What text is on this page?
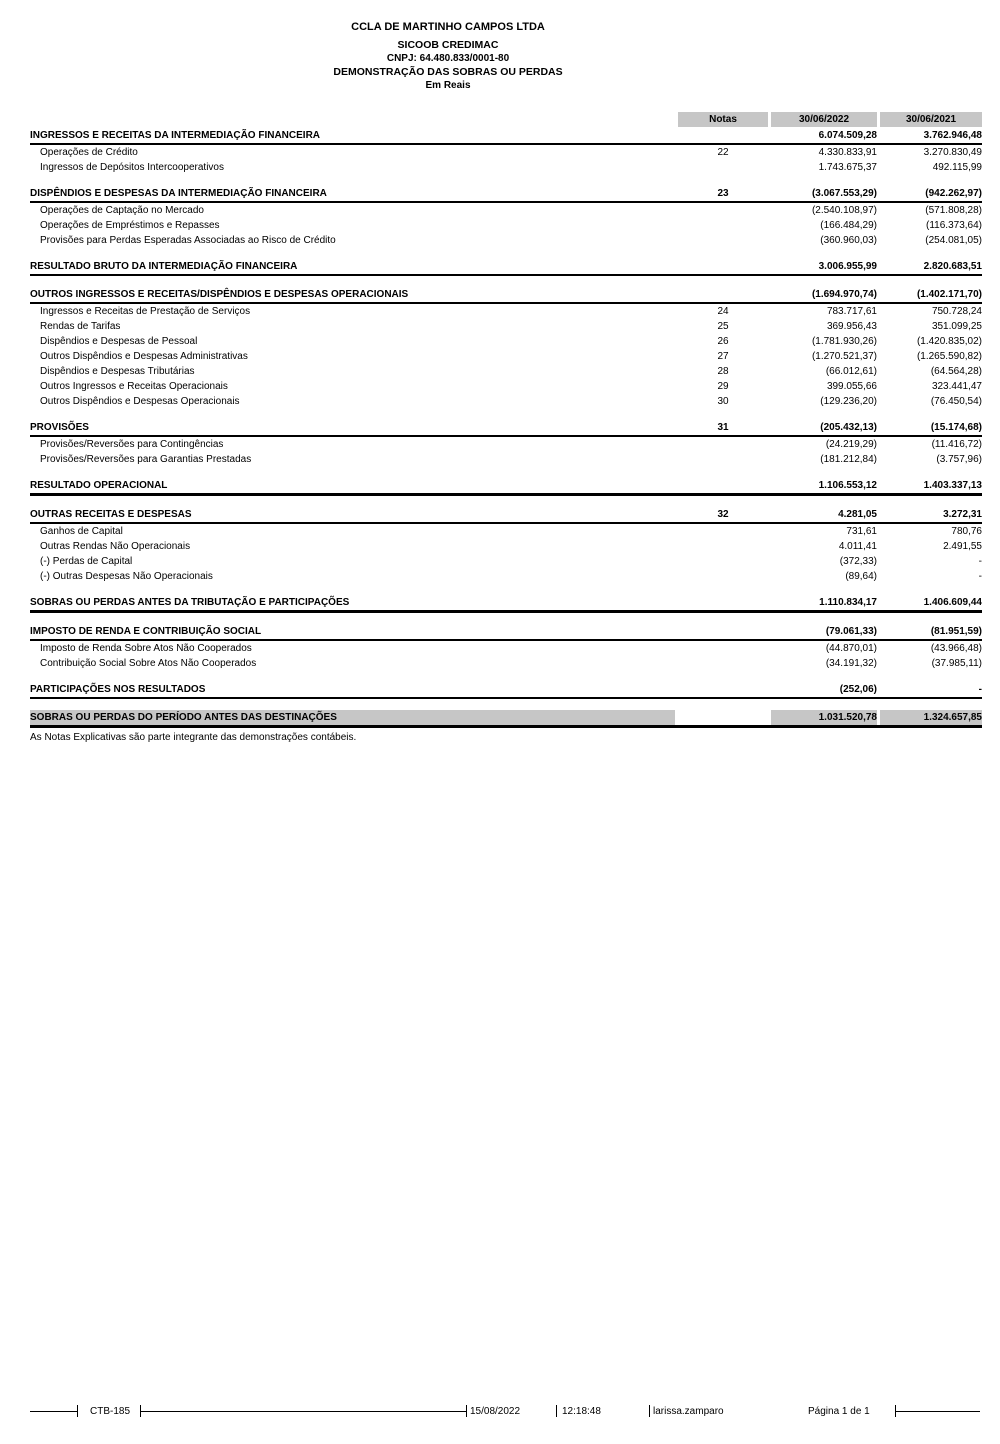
CCLA DE MARTINHO CAMPOS LTDA
SICOOB CREDIMAC
CNPJ: 64.480.833/0001-80
DEMONSTRAÇÃO DAS SOBRAS OU PERDAS
Em Reais
Notas	30/06/2022	30/06/2021
INGRESSOS E RECEITAS DA INTERMEDIAÇÃO FINANCEIRA	6.074.509,28	3.762.946,48
Operações de Crédito	22	4.330.833,91	3.270.830,49
Ingressos de Depósitos Intercooperativos	1.743.675,37	492.115,99
DISPÊNDIOS E DESPESAS DA INTERMEDIAÇÃO FINANCEIRA	23	(3.067.553,29)	(942.262,97)
Operações de Captação no Mercado	(2.540.108,97)	(571.808,28)
Operações de Empréstimos e Repasses	(166.484,29)	(116.373,64)
Provisões para Perdas Esperadas Associadas ao Risco de Crédito	(360.960,03)	(254.081,05)
RESULTADO BRUTO DA INTERMEDIAÇÃO FINANCEIRA	3.006.955,99	2.820.683,51
OUTROS INGRESSOS E RECEITAS/DISPÊNDIOS E DESPESAS OPERACIONAIS	(1.694.970,74)	(1.402.171,70)
Ingressos e Receitas de Prestação de Serviços	24	783.717,61	750.728,24
Rendas de Tarifas	25	369.956,43	351.099,25
Dispêndios e Despesas de Pessoal	26	(1.781.930,26)	(1.420.835,02)
Outros Dispêndios e Despesas Administrativas	27	(1.270.521,37)	(1.265.590,82)
Dispêndios e Despesas Tributárias	28	(66.012,61)	(64.564,28)
Outros Ingressos e Receitas Operacionais	29	399.055,66	323.441,47
Outros Dispêndios e Despesas Operacionais	30	(129.236,20)	(76.450,54)
PROVISÕES	31	(205.432,13)	(15.174,68)
Provisões/Reversões para Contingências	(24.219,29)	(11.416,72)
Provisões/Reversões para Garantias Prestadas	(181.212,84)	(3.757,96)
RESULTADO OPERACIONAL	1.106.553,12	1.403.337,13
OUTRAS RECEITAS E DESPESAS	32	4.281,05	3.272,31
Ganhos de Capital	731,61	780,76
Outras Rendas Não Operacionais	4.011,41	2.491,55
(-) Perdas de Capital	(372,33)	-
(-) Outras Despesas Não Operacionais	(89,64)	-
SOBRAS OU PERDAS ANTES DA TRIBUTAÇÃO E PARTICIPAÇÕES	1.110.834,17	1.406.609,44
IMPOSTO DE RENDA E CONTRIBUIÇÃO SOCIAL	(79.061,33)	(81.951,59)
Imposto de Renda Sobre Atos Não Cooperados	(44.870,01)	(43.966,48)
Contribuição Social Sobre Atos Não Cooperados	(34.191,32)	(37.985,11)
PARTICIPAÇÕES NOS RESULTADOS	(252,06)	-
SOBRAS OU PERDAS DO PERÍODO ANTES DAS DESTINAÇÕES	1.031.520,78	1.324.657,85

As Notas Explicativas são parte integrante das demonstrações contábeis.

CTB-185	15/08/2022	12:18:48	larissa.zamparo	Página 1 de 1
